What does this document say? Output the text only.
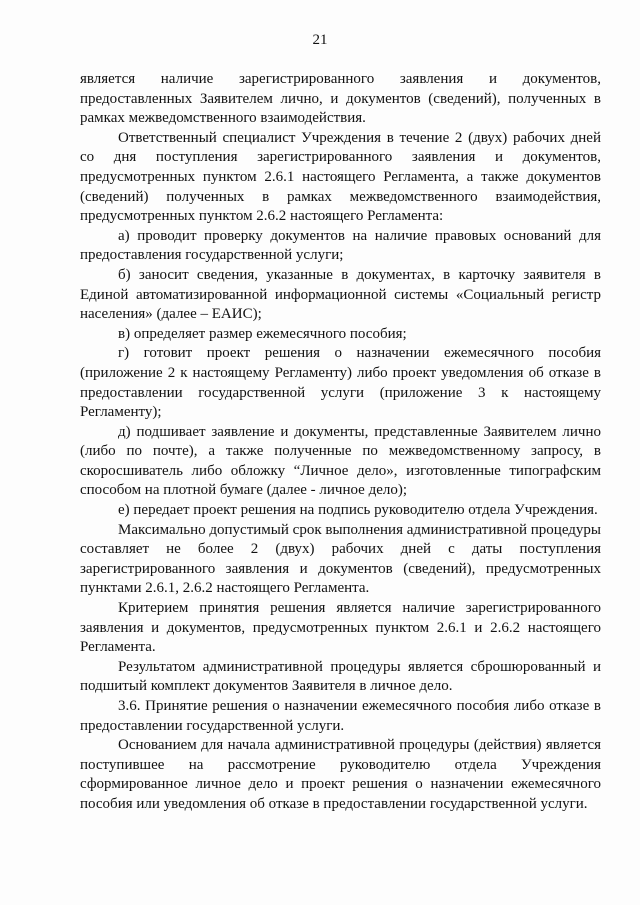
21

является наличие зарегистрированного заявления и документов, предоставленных Заявителем лично, и документов (сведений), полученных в рамках межведомственного взаимодействия.

Ответственный специалист Учреждения в течение 2 (двух) рабочих дней со дня поступления зарегистрированного заявления и документов, предусмотренных пунктом 2.6.1 настоящего Регламента, а также документов (сведений) полученных в рамках межведомственного взаимодействия, предусмотренных пунктом 2.6.2 настоящего Регламента:

а) проводит проверку документов на наличие правовых оснований для предоставления государственной услуги;

б) заносит сведения, указанные в документах, в карточку заявителя в Единой автоматизированной информационной системы «Социальный регистр населения» (далее – ЕАИС);

в) определяет размер ежемесячного пособия;

г) готовит проект решения о назначении ежемесячного пособия (приложение 2 к настоящему Регламенту) либо проект уведомления об отказе в предоставлении государственной услуги (приложение 3 к настоящему Регламенту);

д) подшивает заявление и документы, представленные Заявителем лично (либо по почте), а также полученные по межведомственному запросу, в скоросшиватель либо обложку “Личное дело», изготовленные типографским способом на плотной бумаге (далее - личное дело);

е) передает проект решения на подпись руководителю отдела Учреждения.

Максимально допустимый срок выполнения административной процедуры составляет не более 2 (двух) рабочих дней с даты поступления зарегистрированного заявления и документов (сведений), предусмотренных пунктами 2.6.1, 2.6.2 настоящего Регламента.

Критерием принятия решения является наличие зарегистрированного заявления и документов, предусмотренных пунктом 2.6.1 и 2.6.2 настоящего Регламента.

Результатом административной процедуры является сброшюрованный и подшитый комплект документов Заявителя в личное дело.

3.6. Принятие решения о назначении ежемесячного пособия либо отказе в предоставлении государственной услуги.

Основанием для начала административной процедуры (действия) является поступившее на рассмотрение руководителю отдела Учреждения сформированное личное дело и проект решения о назначении ежемесячного пособия или уведомления об отказе в предоставлении государственной услуги.
